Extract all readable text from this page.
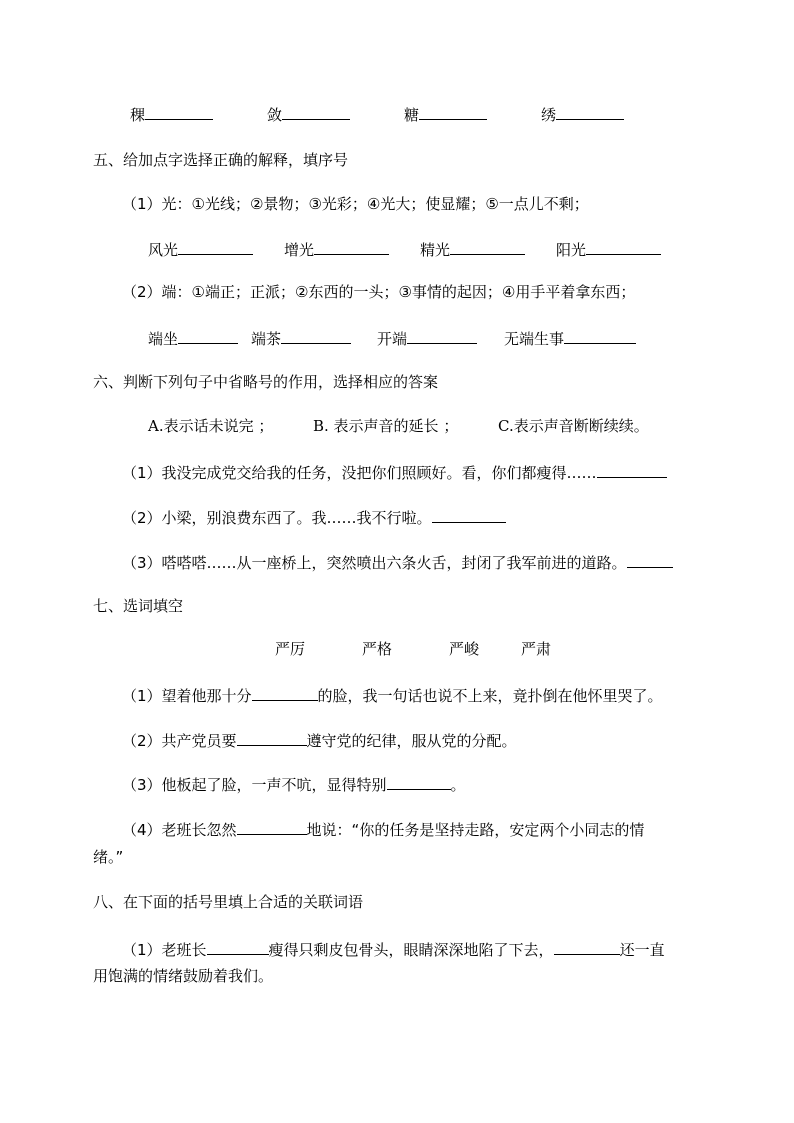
稞	敛	糖	绣
五、给加点字选择正确的解释，填序号
（1）光：①光线；②景物；③光彩；④光大；使显耀；⑤一点儿不剩；
风光	增光	精光	阳光
（2）端：①端正；正派；②东西的一头；③事情的起因；④用手平着拿东西；
端坐	端茶	开端	无端生事
六、判断下列句子中省略号的作用，选择相应的答案
A.表示话未说完 ；	B. 表示声音的延长 ；	C.表示声音断断续续。
（1）我没完成党交给我的任务，没把你们照顾好。看，你们都瘦得……
（2）小梁，别浪费东西了。我……我不行啦。
（3）嗒嗒嗒……从一座桥上，突然喷出六条火舌，封闭了我军前进的道路。
七、选词填空
严厉	严格	严峻	严肃
（1）望着他那十分	的脸，我一句话也说不上来，竟扑倒在他怀里哭了。
（2）共产党员要	遵守党的纪律，服从党的分配。
（3）他板起了脸，一声不吭，显得特别	。
（4）老班长忽然	地说：“你的任务是坚持走路，安定两个小同志的情
绪。”
八、在下面的括号里填上合适的关联词语
（1）老班长	瘦得只剩皮包骨头，眼睛深深地陷了下去，	还一直
用饱满的情绪鼓励着我们。
